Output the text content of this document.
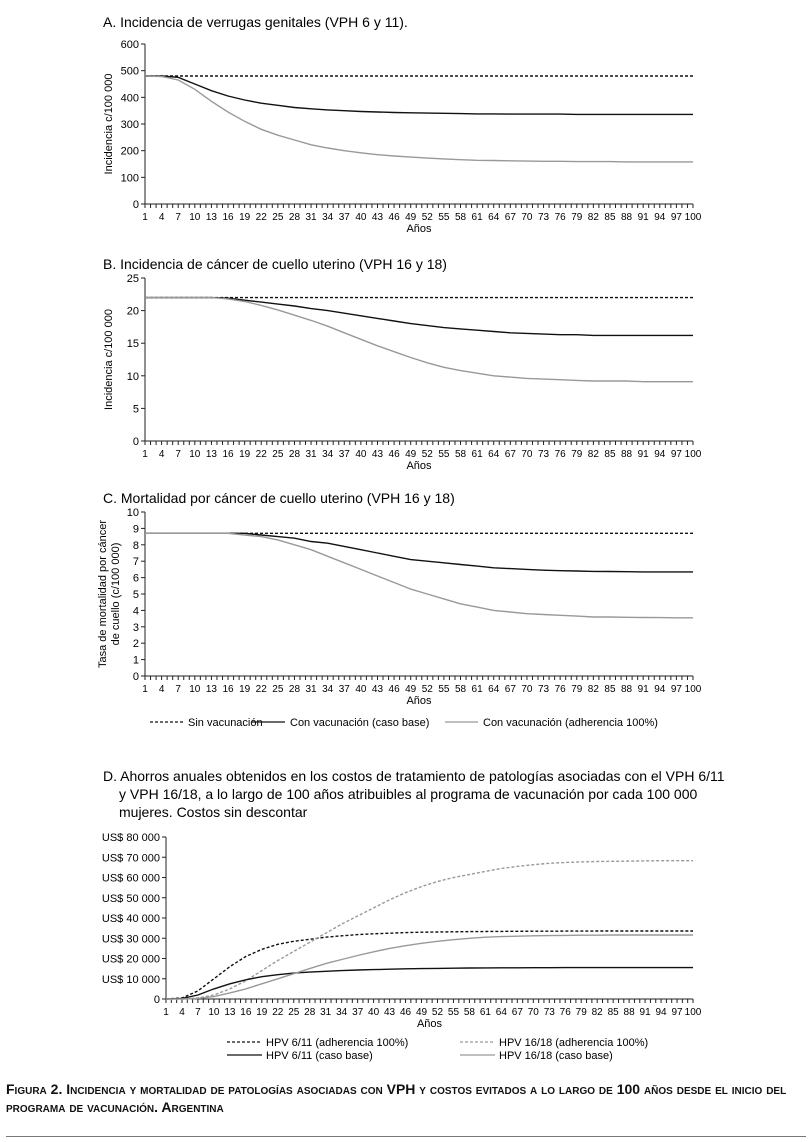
A. Incidencia de verrugas genitales (VPH 6 y 11).
0
100
200
300
400
500
600
1 4 7 10 13 16 19 22 25 28 31 34 37 40 43 46 49 52 55 58 61 64 67 70 73 76 79 82 85 88 91 94 97 100
Años
Incidencia c/100 000
B. Incidencia de cáncer de cuello uterino (VPH 16 y 18)
0
5
10
15
20
25
1 4 7 10 13 16 19 22 25 28 31 34 37 40 43 46 49 52 55 58 61 64 67 70 73 76 79 82 85 88 91 94 97 100
Años
Incidencia c/100 000
C. Mortalidad por cáncer de cuello uterino (VPH 16 y 18)
0
1
2
3
4
5
6
7
8
9
10
1 4 7 10 13 16 19 22 25 28 31 34 37 40 43 46 49 52 55 58 61 64 67 70 73 76 79 82 85 88 91 94 97 100
Años
Tasa de mortalidad por cáncer de cuello (c/100 000)
Sin vacunación Con vacunación (caso base)	Con vacunación (adherencia 100%)
D. Ahorros anuales obtenidos en los costos de tratamiento de patologías asociadas con el VPH 6/11
y VPH 16/18, a lo largo de 100 años atribuibles al programa de vacunación por cada 100 000
mujeres. Costos sin descontar
0
US$ 10 000
US$ 20 000
US$ 30 000
US$ 40 000
US$ 50 000
US$ 60 000
US$ 70 000
US$ 80 000
1 4 7 10 13 16 19 22 25 28 31 34 37 40 43 46 49 52 55 58 61 64 67 70 73 76 79 82 85 88 91 94 97 100
Años
HPV 6/11 (adherencia 100%)	HPV 16/18 (adherencia 100%)
HPV 6/11 (caso base)	HPV 16/18 (caso base)
Figura 2. Incidencia y mortalidad de patologías asociadas con VPH y costos evitados a lo largo de 100 años desde el inicio del programa de vacunación. Argentina
